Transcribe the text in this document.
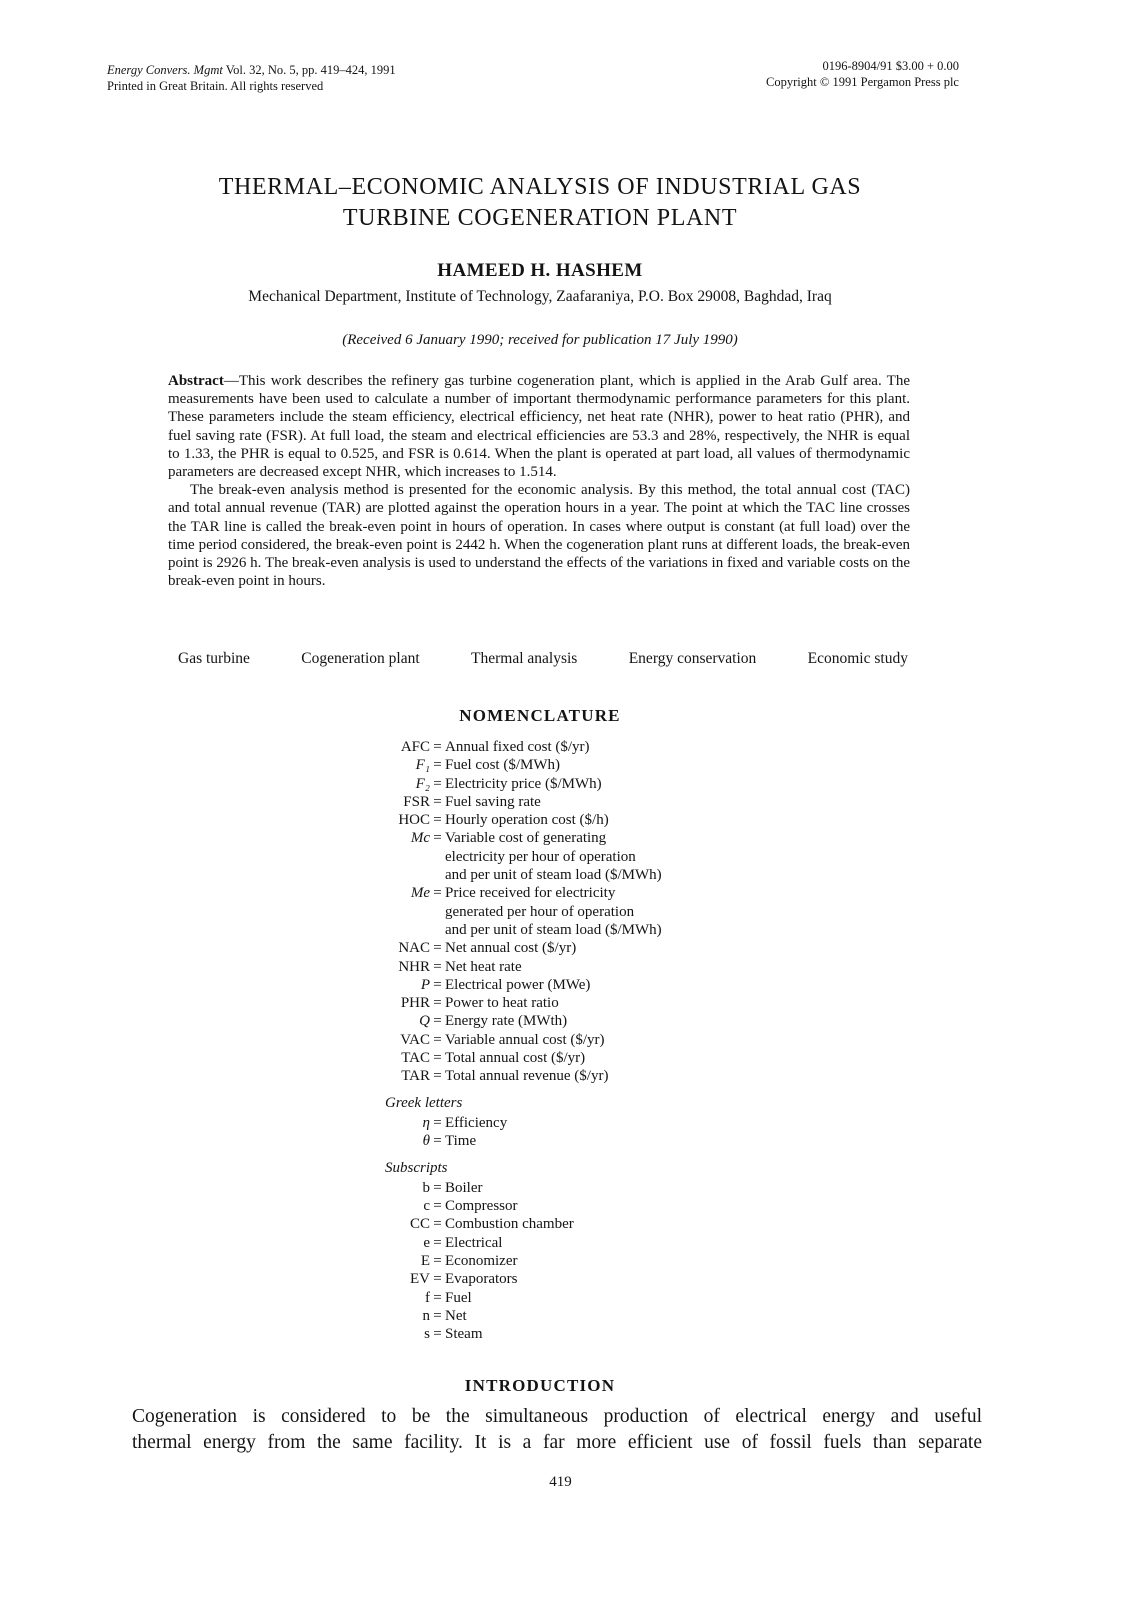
Energy Convers. Mgmt Vol. 32, No. 5, pp. 419–424, 1991
Printed in Great Britain. All rights reserved
0196-8904/91 $3.00 + 0.00
Copyright © 1991 Pergamon Press plc
THERMAL–ECONOMIC ANALYSIS OF INDUSTRIAL GAS
TURBINE COGENERATION PLANT
HAMEED H. HASHEM
Mechanical Department, Institute of Technology, Zaafaraniya, P.O. Box 29008, Baghdad, Iraq
(Received 6 January 1990; received for publication 17 July 1990)

Abstract—This work describes the refinery gas turbine cogeneration plant, which is applied in the Arab Gulf area. The measurements have been used to calculate a number of important thermodynamic performance parameters for this plant. These parameters include the steam efficiency, electrical efficiency, net heat rate (NHR), power to heat ratio (PHR), and fuel saving rate (FSR). At full load, the steam and electrical efficiencies are 53.3 and 28%, respectively, the NHR is equal to 1.33, the PHR is equal to 0.525, and FSR is 0.614. When the plant is operated at part load, all values of thermodynamic parameters are decreased except NHR, which increases to 1.514.

The break-even analysis method is presented for the economic analysis. By this method, the total annual cost (TAC) and total annual revenue (TAR) are plotted against the operation hours in a year. The point at which the TAC line crosses the TAR line is called the break-even point in hours of operation. In cases where output is constant (at full load) over the time period considered, the break-even point is 2442 h. When the cogeneration plant runs at different loads, the break-even point is 2926 h. The break-even analysis is used to understand the effects of the variations in fixed and variable costs on the break-even point in hours.

Gas turbine	Cogeneration plant	Thermal analysis	Energy conservation	Economic study
NOMENCLATURE
AFC = Annual fixed cost ($/yr)
F₁ = Fuel cost ($/MWh)
F₂ = Electricity price ($/MWh)
FSR = Fuel saving rate
HOC = Hourly operation cost ($/h)
Mc = Variable cost of generating
electricity per hour of operation
and per unit of steam load ($/MWh)
Me = Price received for electricity
generated per hour of operation
and per unit of steam load ($/MWh)
NAC = Net annual cost ($/yr)
NHR = Net heat rate
P = Electrical power (MWe)
PHR = Power to heat ratio
Q = Energy rate (MWth)
VAC = Variable annual cost ($/yr)
TAC = Total annual cost ($/yr)
TAR = Total annual revenue ($/yr)
Greek letters
η = Efficiency
θ = Time
Subscripts
b = Boiler
c = Compressor
CC = Combustion chamber
e = Electrical
E = Economizer
EV = Evaporators
f = Fuel
n = Net
s = Steam
INTRODUCTION
Cogeneration is considered to be the simultaneous production of electrical energy and useful
thermal energy from the same facility. It is a far more efficient use of fossil fuels than separate
419
